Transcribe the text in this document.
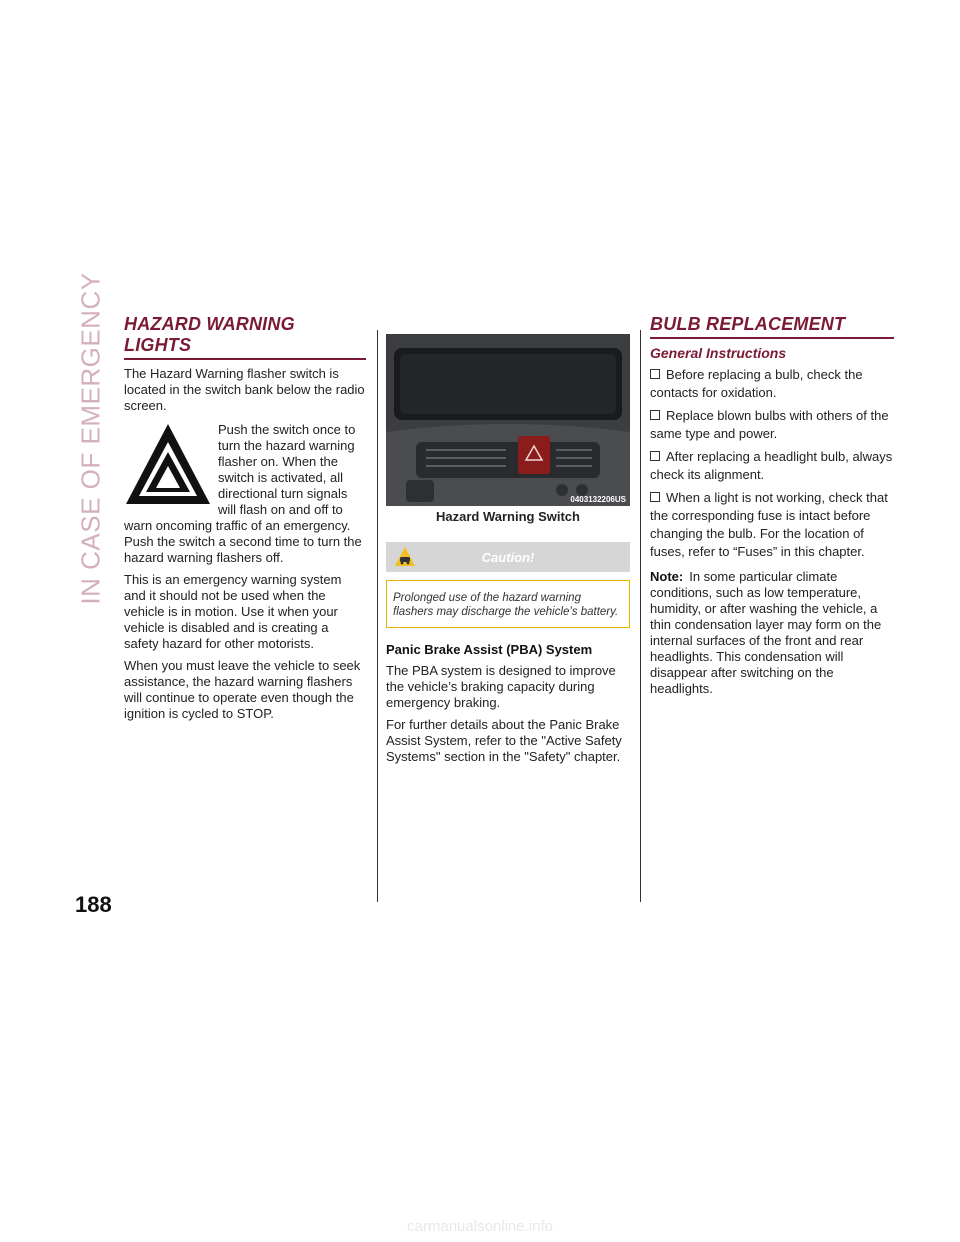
IN CASE OF EMERGENCY HAZARD WARNING LIGHTS

The Hazard Warning flasher switch is located in the switch bank below the radio screen.

Push the switch once to turn the hazard warning flasher on. When the switch is activated, all directional turn signals will flash on and off to warn oncoming traffic of an emergency. Push the switch a second time to turn the hazard warning flashers off.

This is an emergency warning system and it should not be used when the vehicle is in motion. Use it when your vehicle is disabled and is creating a safety hazard for other motorists.

When you must leave the vehicle to seek assistance, the hazard warning flashers will continue to operate even though the ignition is cycled to STOP.

0403132206US
Hazard Warning Switch
Caution!
Prolonged use of the hazard warning flashers may discharge the vehicle’s battery.
Panic Brake Assist (PBA) System

The PBA system is designed to improve the vehicle’s braking capacity during emergency braking.

For further details about the Panic Brake Assist System, refer to the "Active Safety Systems" section in the "Safety" chapter.

BULB REPLACEMENT
General Instructions
Before replacing a bulb, check the contacts for oxidation.
Replace blown bulbs with others of the same type and power.
After replacing a headlight bulb, always check its alignment.
When a light is not working, check that the corresponding fuse is intact before changing the bulb. For the location of fuses, refer to “Fuses” in this chapter.

Note: In some particular climate conditions, such as low temperature, humidity, or after washing the vehicle, a thin condensation layer may form on the internal surfaces of the front and rear headlights. This condensation will disappear after switching on the headlights.

188
carmanualsonline.info
